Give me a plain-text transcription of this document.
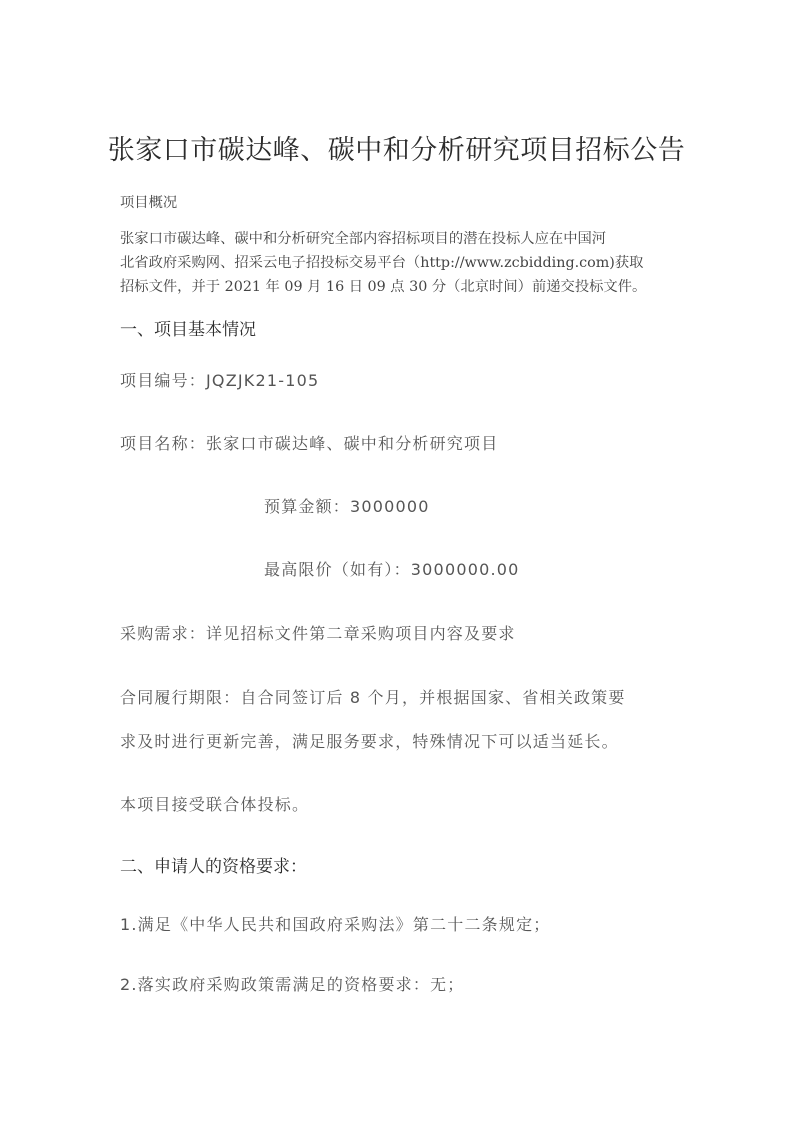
张家口市碳达峰、碳中和分析研究项目招标公告
项目概况
张家口市碳达峰、碳中和分析研究全部内容招标项目的潜在投标人应在中国河
北省政府采购网、招采云电子招投标交易平台（http://www.zcbidding.com)获取
招标文件，并于 2021 年 09 月 16 日 09 点 30 分（北京时间）前递交投标文件。
一、项目基本情况
项目编号：JQZJK21-105
项目名称：张家口市碳达峰、碳中和分析研究项目
预算金额：3000000
最高限价（如有）：3000000.00
采购需求：详见招标文件第二章采购项目内容及要求
合同履行期限：自合同签订后 8 个月，并根据国家、省相关政策要
求及时进行更新完善，满足服务要求，特殊情况下可以适当延长。
本项目接受联合体投标。
二、申请人的资格要求：
1.满足《中华人民共和国政府采购法》第二十二条规定；
2.落实政府采购政策需满足的资格要求：无；
